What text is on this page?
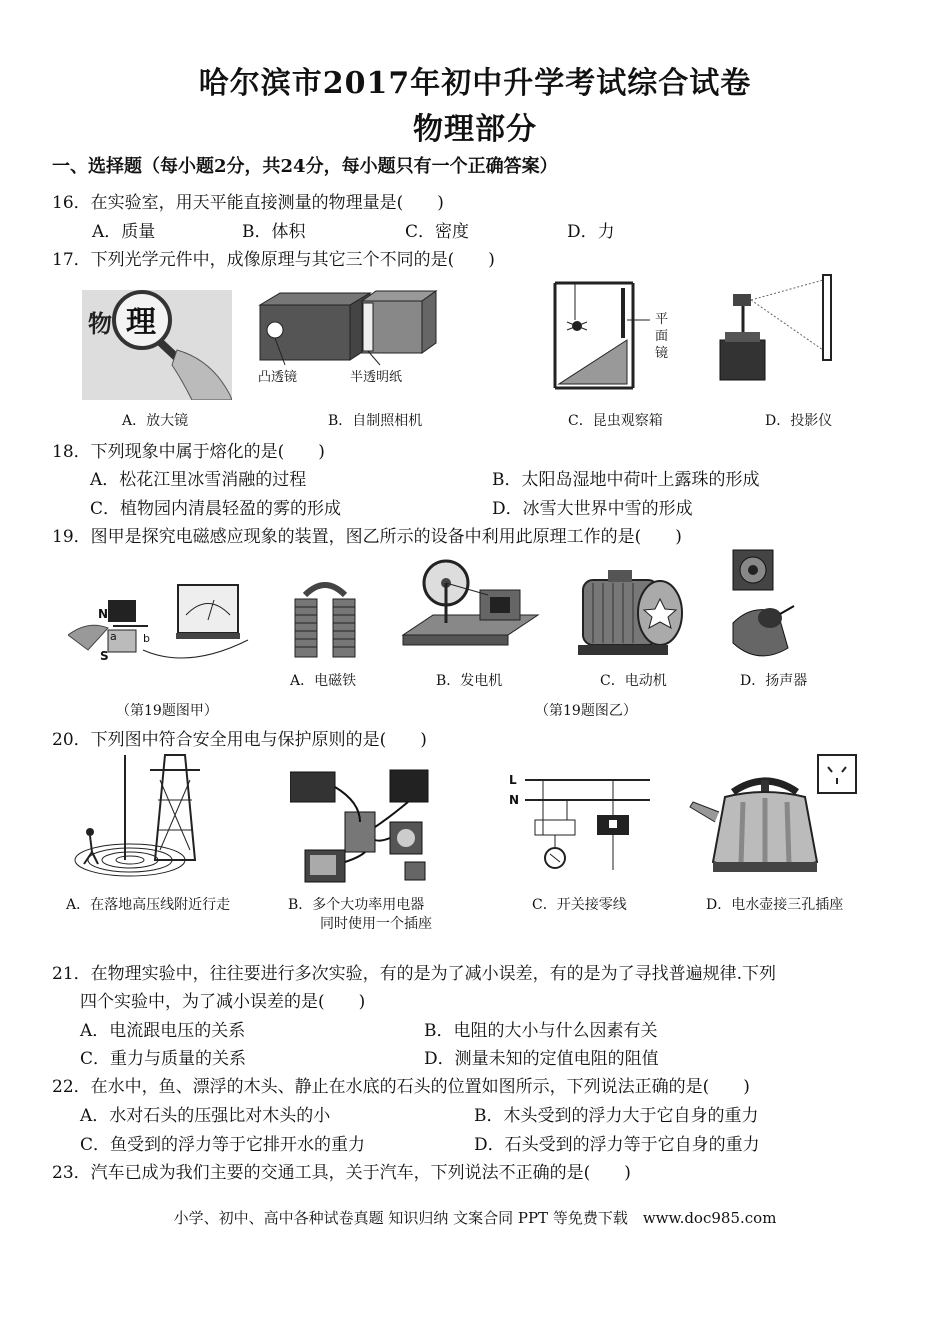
哈尔滨市2017年初中升学考试综合试卷
物理部分
一、选择题（每小题2分，共24分，每小题只有一个正确答案）
16．在实验室，用天平能直接测量的物理量是(　　)
A．质量	B．体积	C．密度	D．力
17．下列光学元件中，成像原理与其它三个不同的是(　　)
物 理
A．放大镜
凸透镜	半透明纸
B．自制照相机
平
面
镜
C．昆虫观察箱	D．投影仪
18．下列现象中属于熔化的是(　　)
A．松花江里冰雪消融的过程	B．太阳岛湿地中荷叶上露珠的形成
C．植物园内清晨轻盈的雾的形成	D．冰雪大世界中雪的形成
19．图甲是探究电磁感应现象的装置，图乙所示的设备中利用此原理工作的是(　　)
N
S
a b
（第19题图甲）
A．电磁铁	B．发电机	C．电动机	D．扬声器
（第19题图乙）
20．下列图中符合安全用电与保护原则的是(　　)
A．在落地高压线附近行走	B．多个大功率用电器
同时使用一个插座
L
N
C．开关接零线	D．电水壶接三孔插座
21．在物理实验中，往往要进行多次实验，有的是为了减小误差，有的是为了寻找普遍规律.下列
四个实验中，为了减小误差的是(　　)
A．电流跟电压的关系	B．电阻的大小与什么因素有关
C．重力与质量的关系	D．测量未知的定值电阻的阻值
22．在水中，鱼、漂浮的木头、静止在水底的石头的位置如图所示，下列说法正确的是(　　)
A．水对石头的压强比对木头的小	B．木头受到的浮力大于它自身的重力
C．鱼受到的浮力等于它排开水的重力	D．石头受到的浮力等于它自身的重力
23．汽车已成为我们主要的交通工具，关于汽车，下列说法不正确的是(　　)
小学、初中、高中各种试卷真题 知识归纳 文案合同 PPT 等免费下载　www.doc985.com
